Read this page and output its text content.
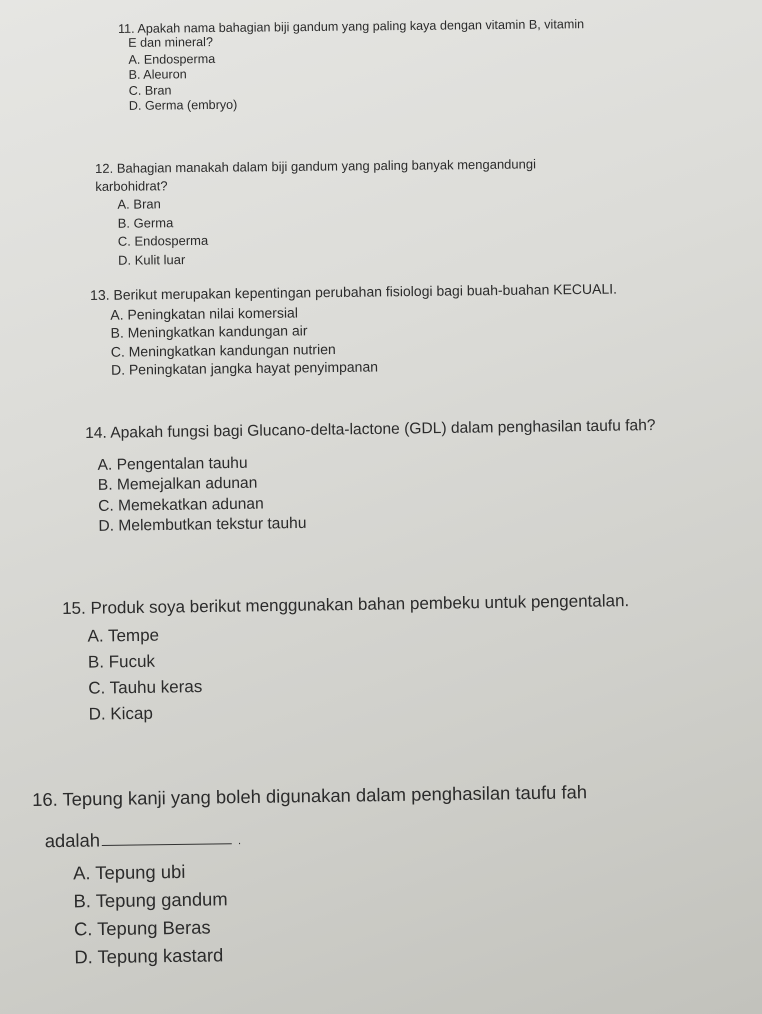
11. Apakah nama bahagian biji gandum yang paling kaya dengan vitamin B, vitamin
E dan mineral?

A. Endosperma
B. Aleuron
C. Bran
D. Germa (embryo)

12. Bahagian manakah dalam biji gandum yang paling banyak mengandungi
karbohidrat?

A. Bran
B. Germa
C. Endosperma
D. Kulit luar

13. Berikut merupakan kepentingan perubahan fisiologi bagi buah-buahan KECUALI.

A. Peningkatan nilai komersial
B. Meningkatkan kandungan air
C. Meningkatkan kandungan nutrien
D. Peningkatan jangka hayat penyimpanan

14. Apakah fungsi bagi Glucano-delta-lactone (GDL) dalam penghasilan taufu fah?

A. Pengentalan tauhu
B. Memejalkan adunan
C. Memekatkan adunan
D. Melembutkan tekstur tauhu

15. Produk soya berikut menggunakan bahan pembeku untuk pengentalan.

A. Tempe
B. Fucuk
C. Tauhu keras
D. Kicap

16. Tepung kanji yang boleh digunakan dalam penghasilan taufu fah
adalah	.

A. Tepung ubi
B. Tepung gandum
C. Tepung Beras
D. Tepung kastard
